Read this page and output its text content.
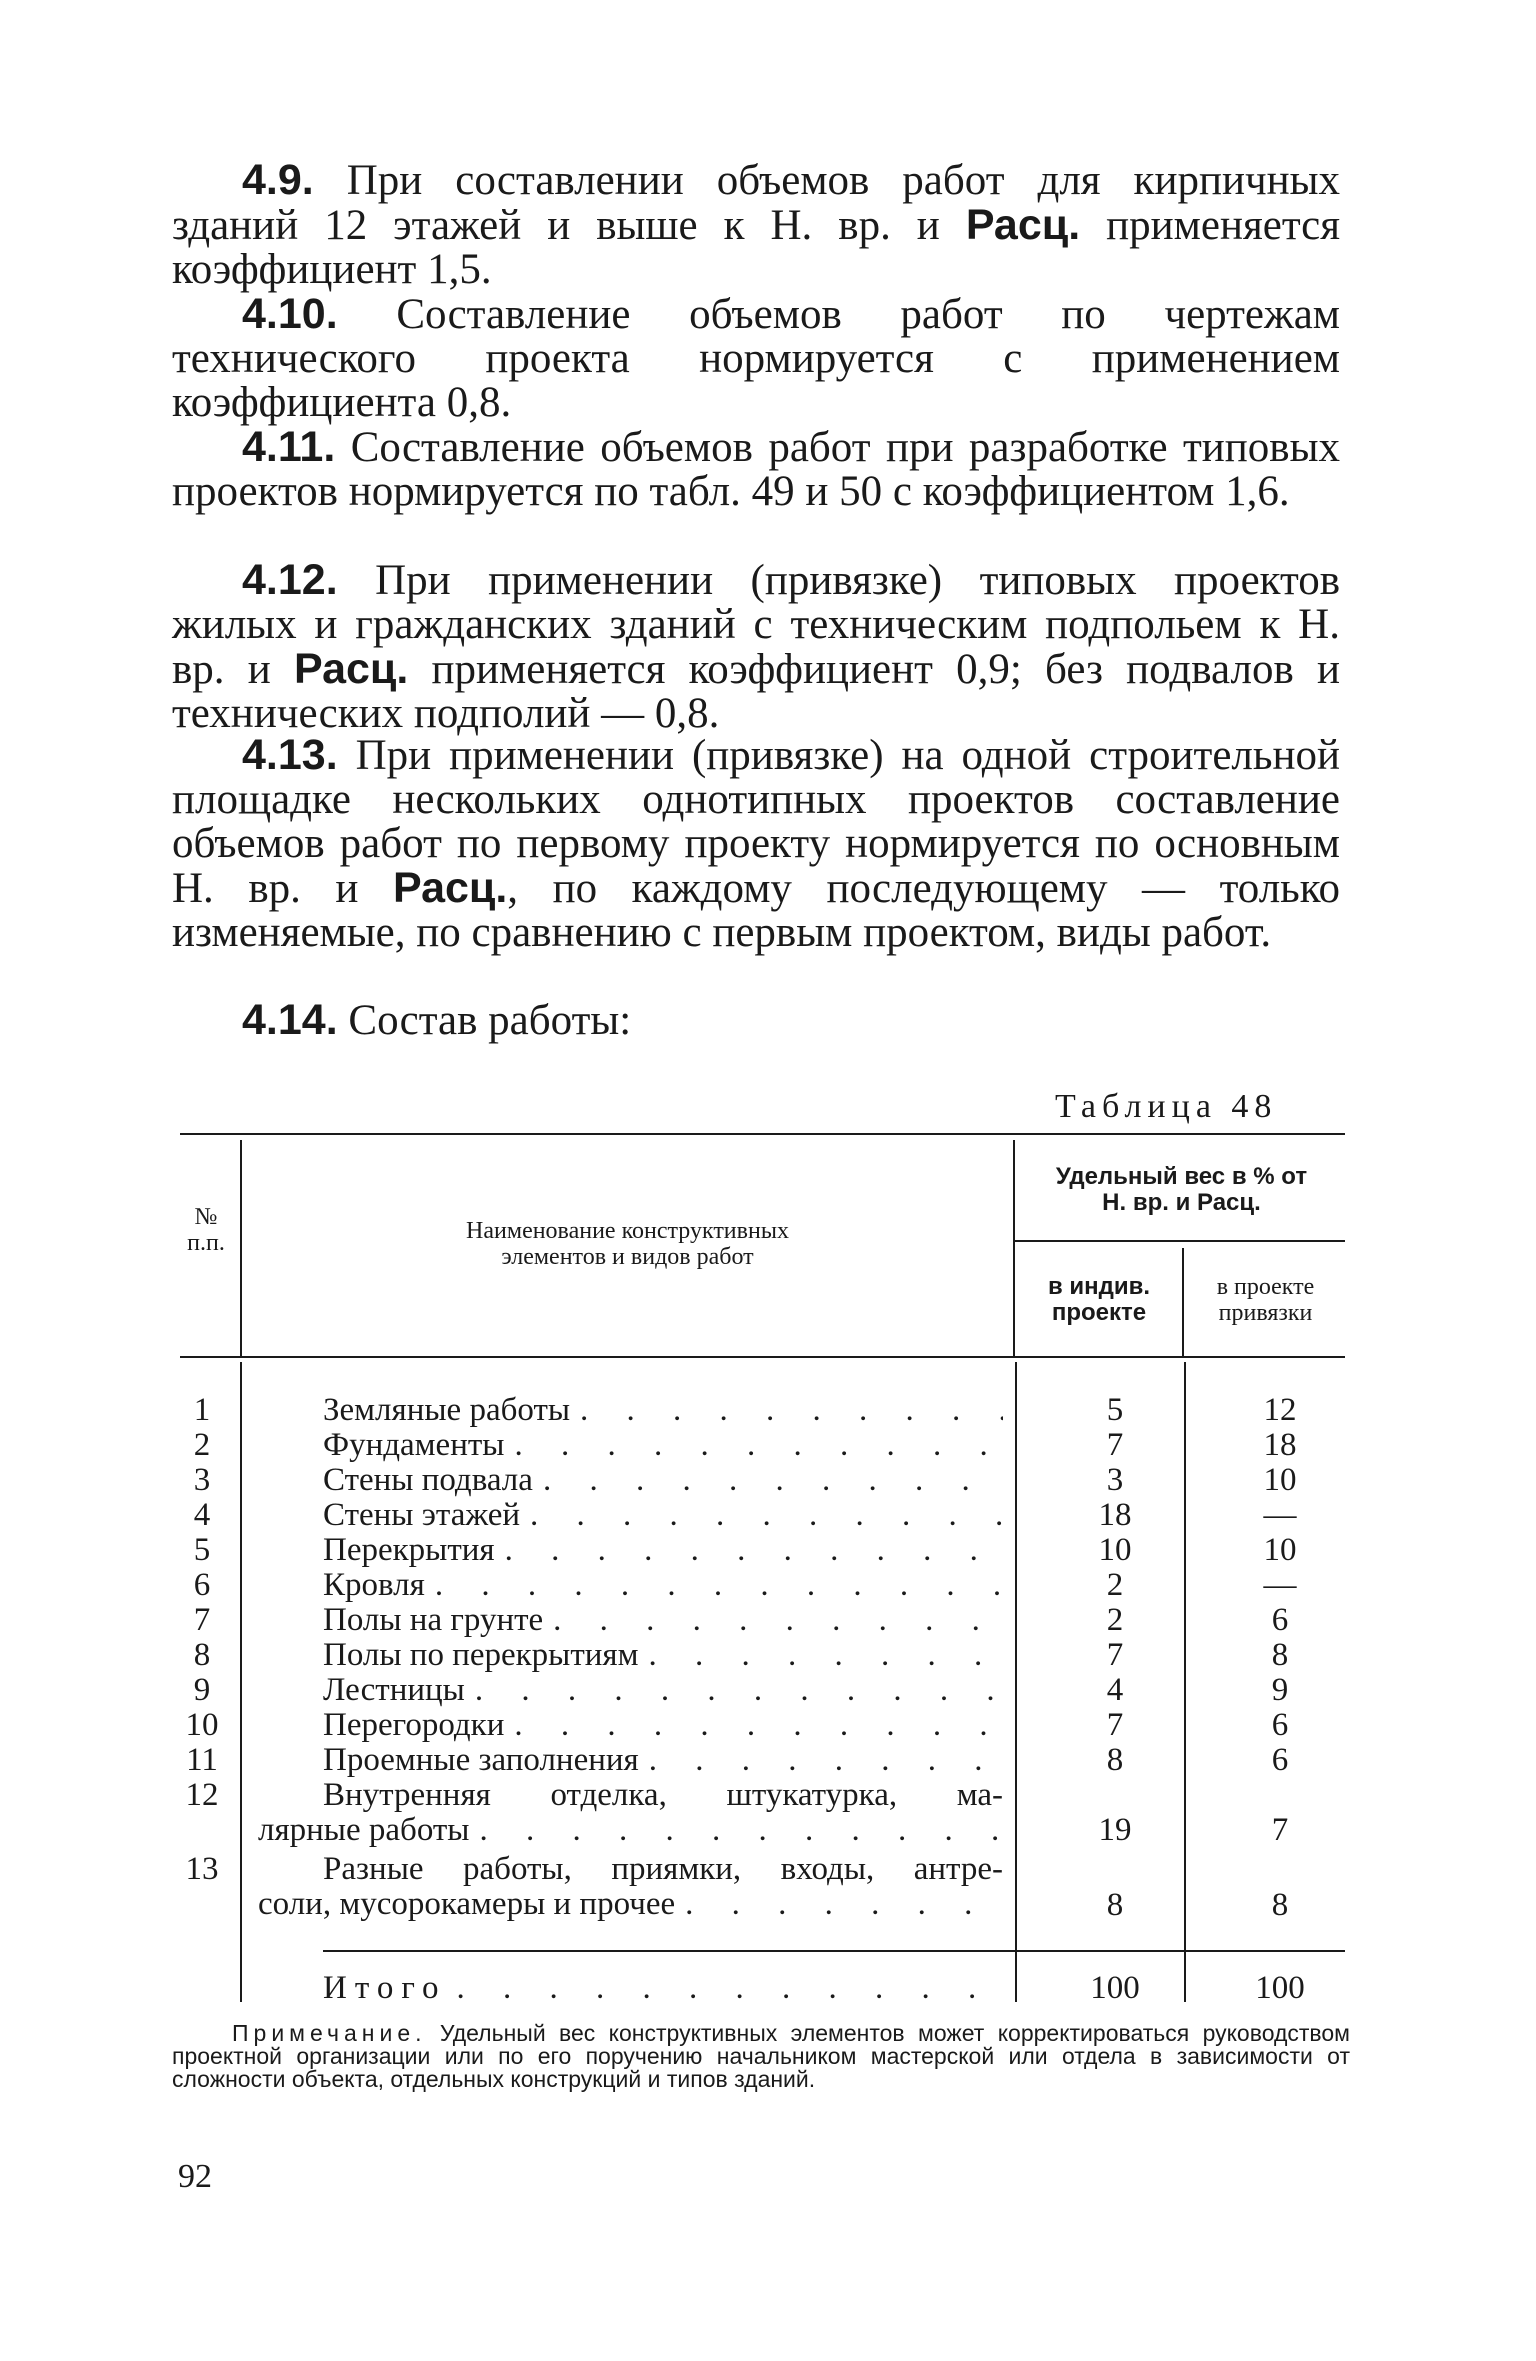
4.9. При составлении объемов работ для кирпичных зданий 12 этажей и выше к Н. вр. и Расц. применяется коэффициент 1,5.

4.10. Составление объемов работ по чертежам технического проекта нормируется с применением коэффициента 0,8.

4.11. Составление объемов работ при разработке типовых проектов нормируется по табл. 49 и 50 с коэффициентом 1,6.

4.12. При применении (привязке) типовых проектов жилых и гражданских зданий с техническим подпольем к Н. вр. и Расц. применяется коэффициент 0,9; без подвалов и технических подполий — 0,8.

4.13. При применении (привязке) на одной строительной площадке нескольких однотипных проектов составление объемов работ по первому проекту нормируется по основным Н. вр. и Расц., по каждому последующему — только изменяемые, по сравнению с первым проектом, виды работ.

4.14. Состав работы:

Таблица 48
№
п.п.	Наименование конструктивных
элементов и видов работ
Удельный вес в % от
Н. вр. и Расц.
в индив.
проекте
в проекте
привязки
1	Земляные работы . . .	5	12
2	Фундаменты . . .	7	18
3	Стены подвала . . .	3	10
4	Стены этажей . . .	18	—
5	Перекрытия . . .	10	10
6	Кровля . . .	2	—
7	Полы на грунте . . .	2	6
8	Полы по перекрытиям . . .	7	8
9	Лестницы . . .	4	9
10	Перегородки . . .	7	6
11	Проемные заполнения . . .	8	6
12	Внутренняя отделка, штукатурка, ма-
лярные работы . . .	19	7
13	Разные работы, приямки, входы, антре-
соли, мусорокамеры и прочее . . .	8	8
Итого . . .	100	100

Примечание. Удельный вес конструктивных элементов может корректироваться руководством проектной организации или по его поручению начальником мастерской или отдела в зависимости от сложности объекта, отдельных конструкций и типов зданий.

92
